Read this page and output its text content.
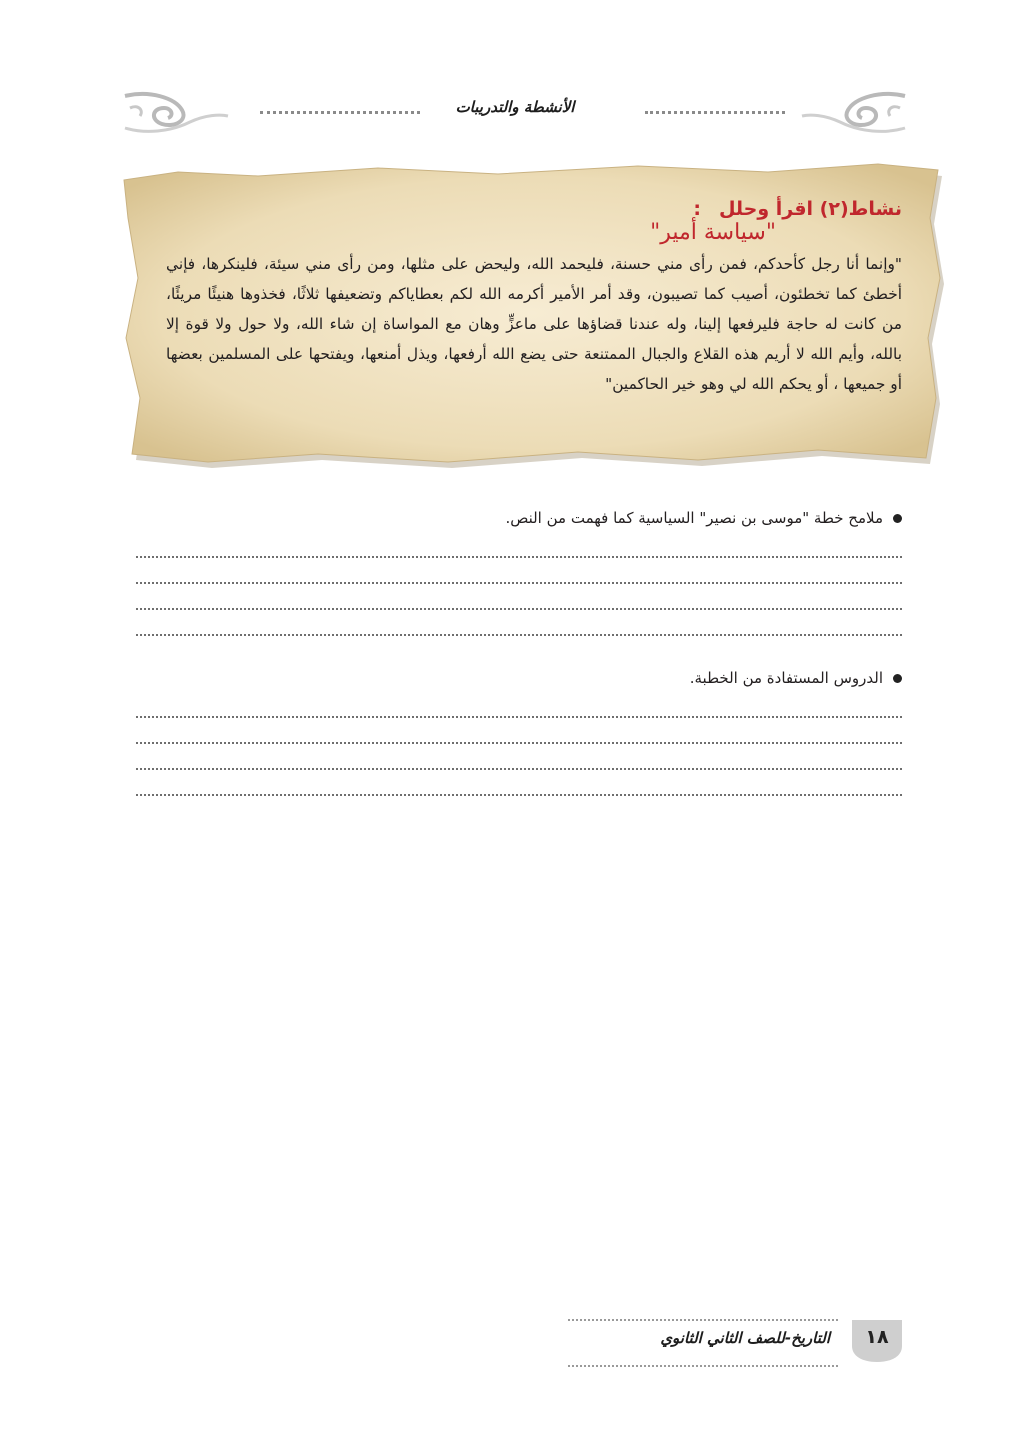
الأنشطة والتدريبات
نشاط(٢) اقرأ وحلل:
"سياسة أمير"
"وإنما أنا رجل كأحدكم، فمن رأى مني حسنة، فليحمد الله، وليحض على مثلها، ومن رأى مني سيئة، فلينكرها، فإني أخطئ كما تخطئون، أصيب كما تصيبون، وقد أمر الأمير أكرمه الله لكم بعطاياكم وتضعيفها ثلاثًا، فخذوها هنيئًا مريئًا، من كانت له حاجة فليرفعها إلينا، وله عندنا قضاؤها على ماعزٍّ وهان مع المواساة إن شاء الله، ولا حول ولا قوة إلا بالله، وأيم الله لا أريم هذه القلاع والجبال الممتنعة حتى يضع الله أرفعها، ويذل أمنعها، ويفتحها على المسلمين بعضها أو جميعها ، أو يحكم الله لي وهو خير الحاكمين"
ملامح خطة "موسى بن نصير" السياسية كما فهمت من النص.
الدروس المستفادة من الخطبة.
التاريخ-للصف الثاني الثانوي	١٨
